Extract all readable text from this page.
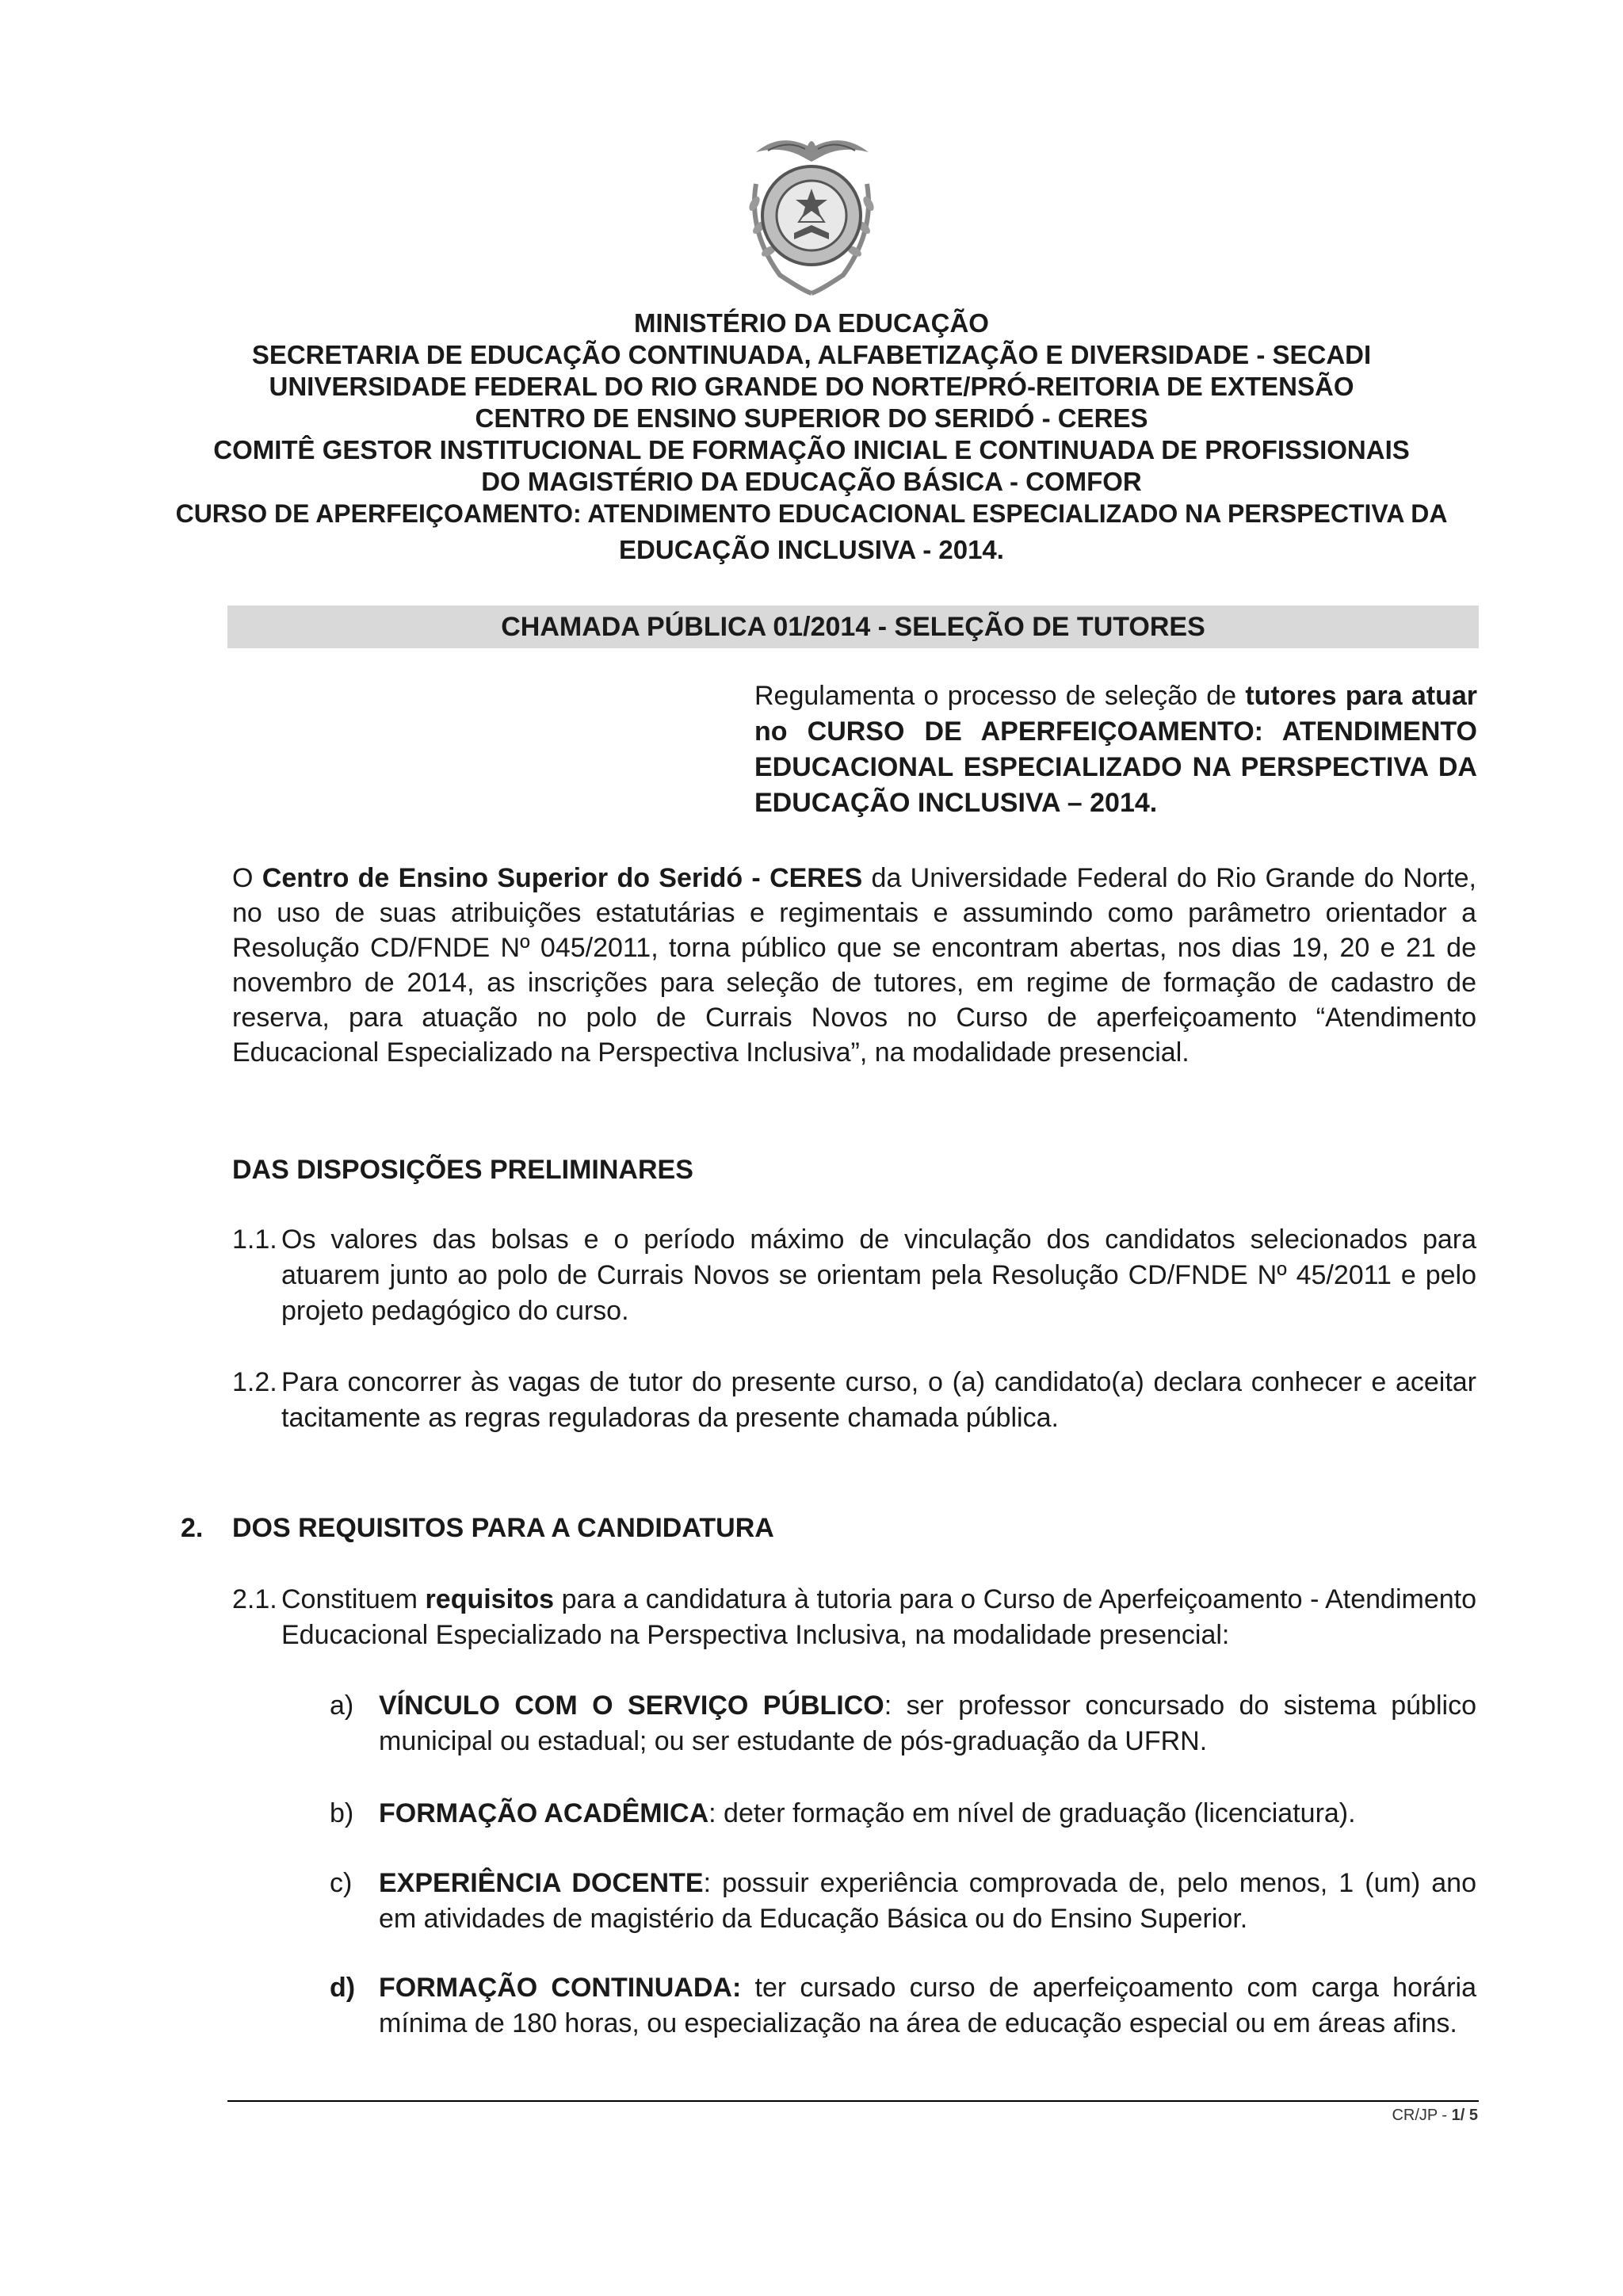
MINISTÉRIO DA EDUCAÇÃO
SECRETARIA DE EDUCAÇÃO CONTINUADA, ALFABETIZAÇÃO E DIVERSIDADE - SECADI
UNIVERSIDADE FEDERAL DO RIO GRANDE DO NORTE/PRÓ-REITORIA DE EXTENSÃO
CENTRO DE ENSINO SUPERIOR DO SERIDÓ - CERES
COMITÊ GESTOR INSTITUCIONAL DE FORMAÇÃO INICIAL E CONTINUADA DE PROFISSIONAIS
DO MAGISTÉRIO DA EDUCAÇÃO BÁSICA - COMFOR
CURSO DE APERFEIÇOAMENTO: ATENDIMENTO EDUCACIONAL ESPECIALIZADO NA PERSPECTIVA DA
EDUCAÇÃO INCLUSIVA - 2014.
CHAMADA PÚBLICA 01/2014 - SELEÇÃO DE TUTORES
Regulamenta o processo de seleção de tutores para atuar no CURSO DE APERFEIÇOAMENTO: ATENDIMENTO EDUCACIONAL ESPECIALIZADO NA PERSPECTIVA DA EDUCAÇÃO INCLUSIVA – 2014.
O Centro de Ensino Superior do Seridó - CERES da Universidade Federal do Rio Grande do Norte, no uso de suas atribuições estatutárias e regimentais e assumindo como parâmetro orientador a Resolução CD/FNDE Nº 045/2011, torna público que se encontram abertas, nos dias 19, 20 e 21 de novembro de 2014, as inscrições para seleção de tutores, em regime de formação de cadastro de reserva, para atuação no polo de Currais Novos no Curso de aperfeiçoamento “Atendimento Educacional Especializado na Perspectiva Inclusiva”, na modalidade presencial.
DAS DISPOSIÇÕES PRELIMINARES
1.1. Os valores das bolsas e o período máximo de vinculação dos candidatos selecionados para atuarem junto ao polo de Currais Novos se orientam pela Resolução CD/FNDE Nº 45/2011 e pelo projeto pedagógico do curso.
1.2. Para concorrer às vagas de tutor do presente curso, o (a) candidato(a) declara conhecer e aceitar tacitamente as regras reguladoras da presente chamada pública.
2. DOS REQUISITOS PARA A CANDIDATURA
2.1. Constituem requisitos para a candidatura à tutoria para o Curso de Aperfeiçoamento - Atendimento Educacional Especializado na Perspectiva Inclusiva, na modalidade presencial:
a) VÍNCULO COM O SERVIÇO PÚBLICO: ser professor concursado do sistema público municipal ou estadual; ou ser estudante de pós-graduação da UFRN.
b) FORMAÇÃO ACADÊMICA: deter formação em nível de graduação (licenciatura).
c) EXPERIÊNCIA DOCENTE: possuir experiência comprovada de, pelo menos, 1 (um) ano em atividades de magistério da Educação Básica ou do Ensino Superior.
d) FORMAÇÃO CONTINUADA: ter cursado curso de aperfeiçoamento com carga horária mínima de 180 horas, ou especialização na área de educação especial ou em áreas afins.
CR/JP - 1/ 5
